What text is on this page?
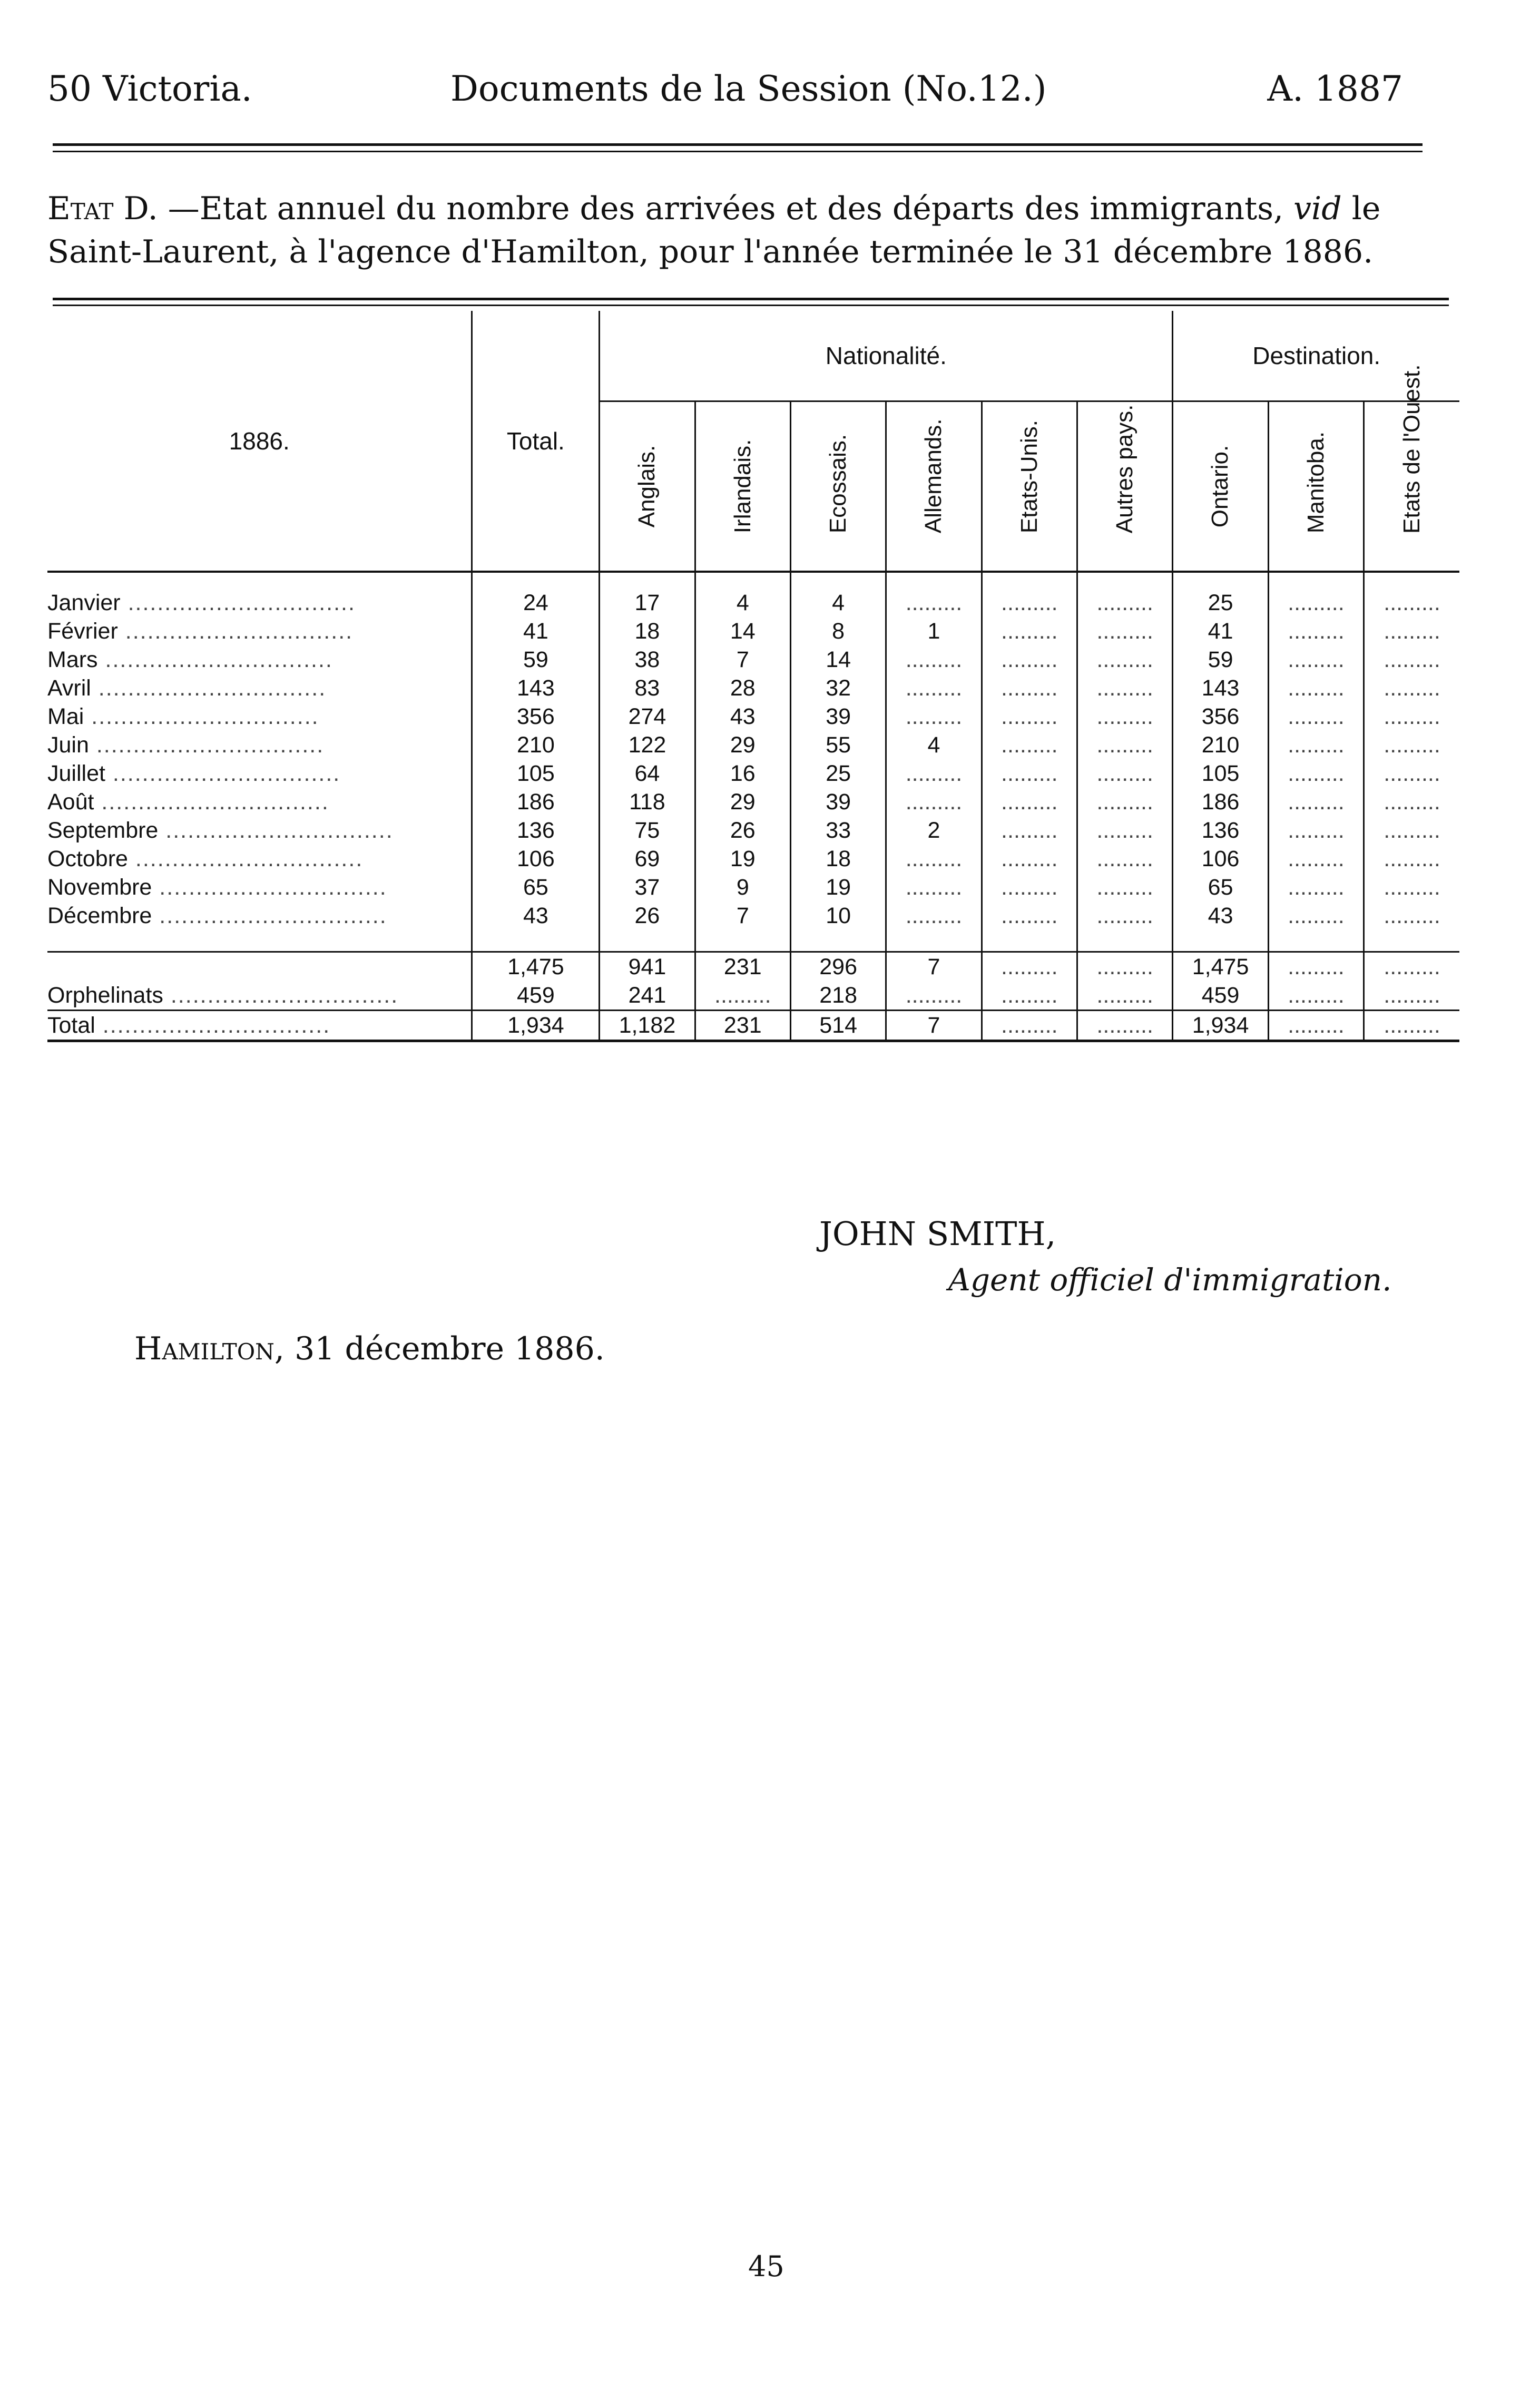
50 Victoria.	Documents de la Session (No.12.)	A. 1887
Etat D. —Etat annuel du nombre des arrivées et des départs des immigrants, vid le Saint-Laurent, à l'agence d'Hamilton, pour l'année terminée le 31 décembre 1886.
1886.	Total.	Nationalité.						Destination.		

		Anglais.	Irlandais.	Ecossais.	Allemands.	Etats-Unis.	Autres pays.	Ontario.	Manitoba.	Etats de l'Ouest.

Janvier ...............................	24	17	4	4	.........	.........	.........	25	.........	.........
Février ...............................	41	18	14	8	1	.........	.........	41	.........	.........
Mars ...............................	59	38	7	14	.........	.........	.........	59	.........	.........
Avril ...............................	143	83	28	32	.........	.........	.........	143	.........	.........
Mai ...............................	356	274	43	39	.........	.........	.........	356	.........	.........
Juin ...............................	210	122	29	55	4	.........	.........	210	.........	.........
Juillet ...............................	105	64	16	25	.........	.........	.........	105	.........	.........
Août ...............................	186	118	29	39	.........	.........	.........	186	.........	.........
Septembre ...............................	136	75	26	33	2	.........	.........	136	.........	.........
Octobre ...............................	106	69	19	18	.........	.........	.........	106	.........	.........
Novembre ...............................	65	37	9	19	.........	.........	.........	65	.........	.........
Décembre ...............................	43	26	7	10	.........	.........	.........	43	.........	.........

	1,475	941	231	296	7	.........	.........	1,475	.........	.........
Orphelinats ...............................	459	241	.........	218	.........	.........	.........	459	.........	.........
Total ...............................	1,934	1,182	231	514	7	.........	.........	1,934	.........	.........
JOHN SMITH,
Agent officiel d'immigration.
Hamilton, 31 décembre 1886.
45
